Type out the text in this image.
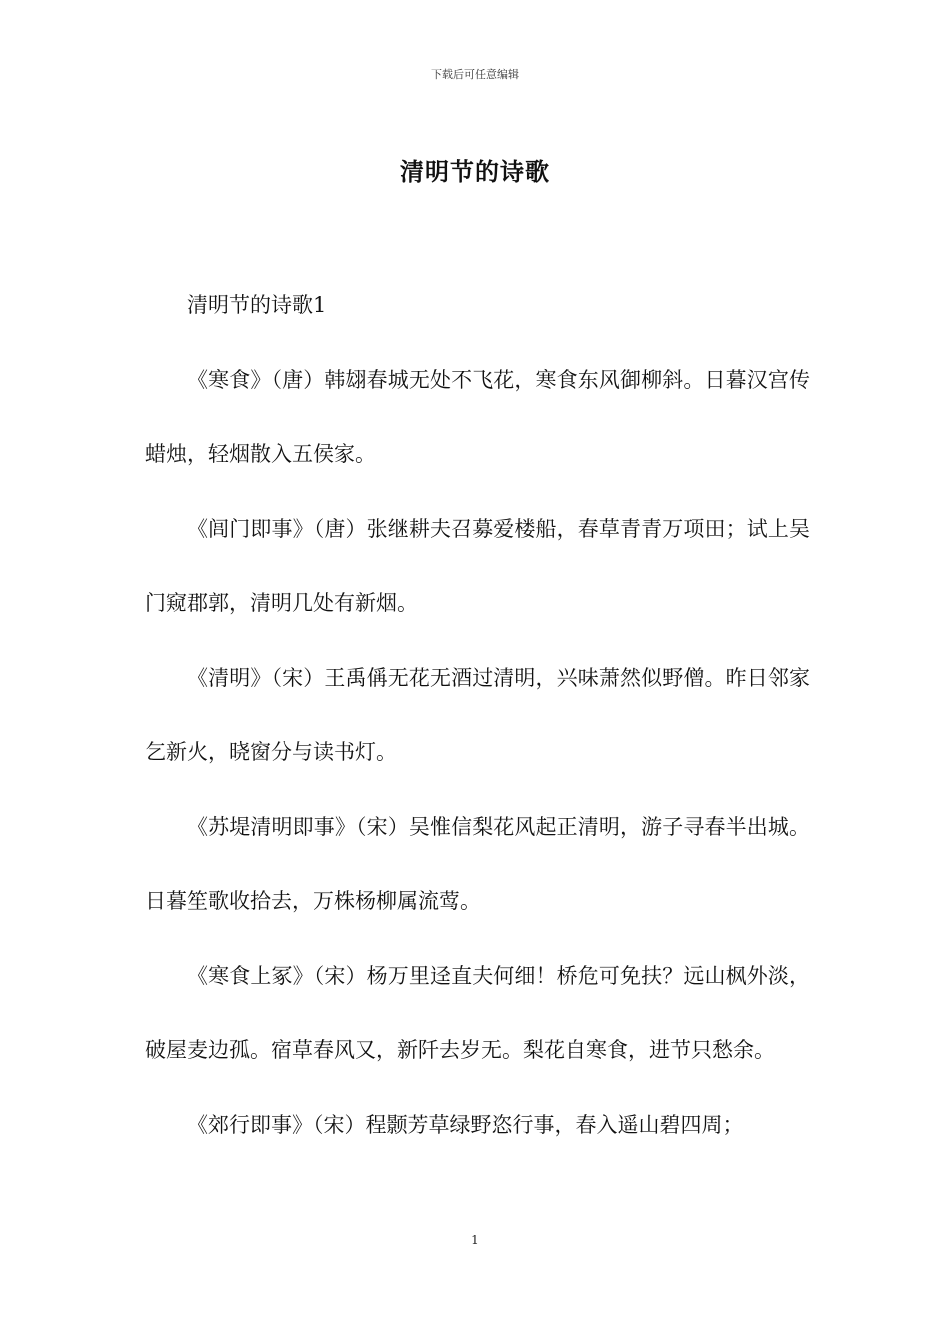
下载后可任意编辑
清明节的诗歌

清明节的诗歌1

《寒食》（唐）韩翃春城无处不飞花，寒食东风御柳斜。日暮汉宫传蜡烛，轻烟散入五侯家。

《闾门即事》（唐）张继耕夫召募爱楼船，春草青青万项田；试上吴门窥郡郭，清明几处有新烟。

《清明》（宋）王禹偁无花无酒过清明，兴味萧然似野僧。昨日邻家乞新火，晓窗分与读书灯。

《苏堤清明即事》（宋）吴惟信梨花风起正清明，游子寻春半出城。日暮笙歌收拾去，万株杨柳属流莺。

《寒食上冢》（宋）杨万里迳直夫何细！桥危可免扶？远山枫外淡，破屋麦边孤。宿草春风又，新阡去岁无。梨花自寒食，进节只愁余。

《郊行即事》（宋）程颢芳草绿野恣行事，春入遥山碧四周；

1
